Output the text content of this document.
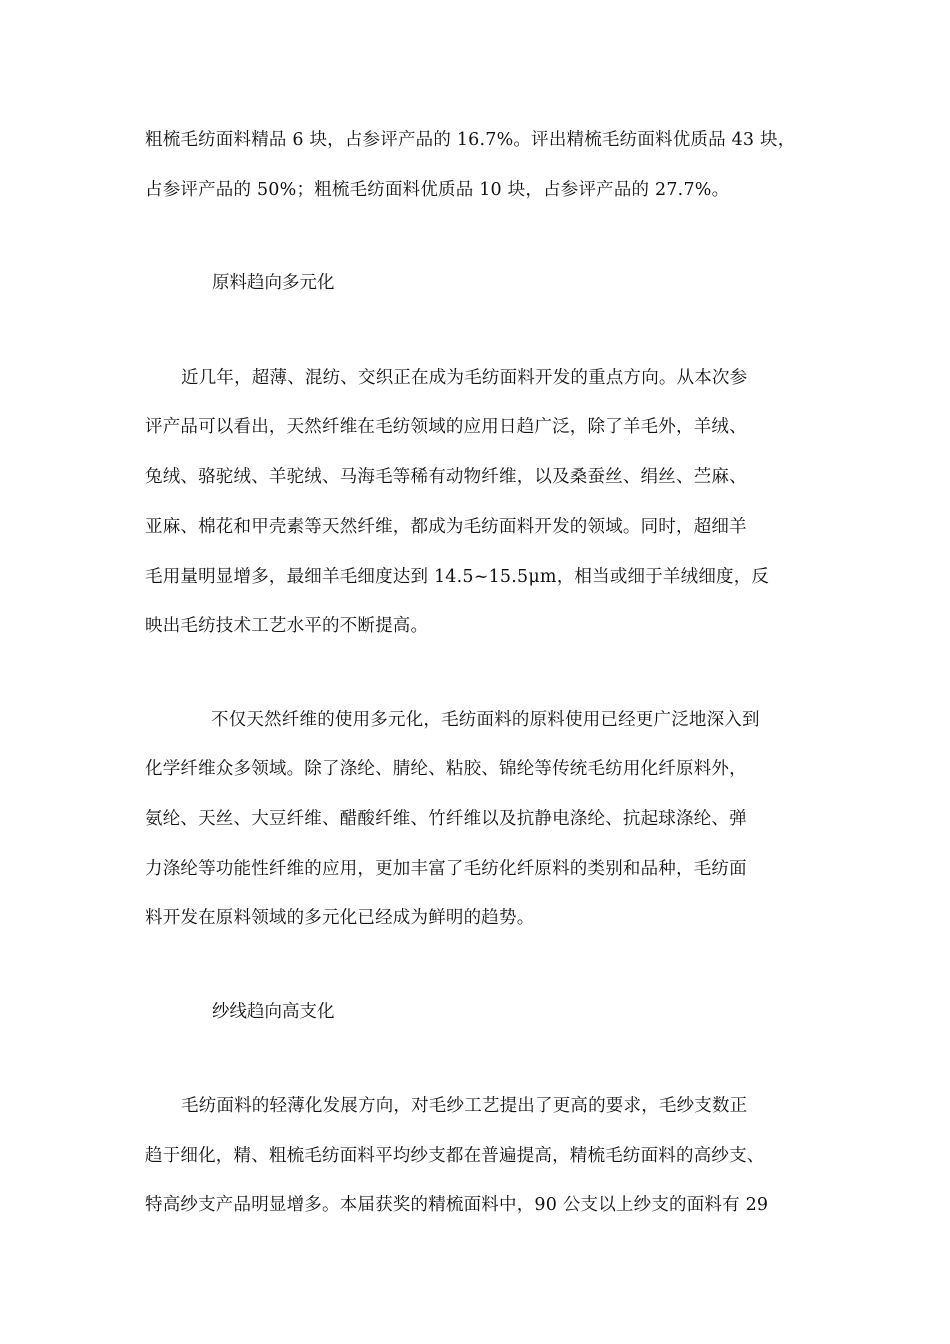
粗梳毛纺面料精品 6 块，占参评产品的 16.7%。评出精梳毛纺面料优质品 43 块，
占参评产品的 50%；粗梳毛纺面料优质品 10 块，占参评产品的 27.7%。
原料趋向多元化
近几年，超薄、混纺、交织正在成为毛纺面料开发的重点方向。从本次参
评产品可以看出，天然纤维在毛纺领域的应用日趋广泛，除了羊毛外，羊绒、
兔绒、骆驼绒、羊驼绒、马海毛等稀有动物纤维，以及桑蚕丝、绢丝、苎麻、
亚麻、棉花和甲壳素等天然纤维，都成为毛纺面料开发的领域。同时，超细羊
毛用量明显增多，最细羊毛细度达到 14.5~15.5μm，相当或细于羊绒细度，反
映出毛纺技术工艺水平的不断提高。
不仅天然纤维的使用多元化，毛纺面料的原料使用已经更广泛地深入到
化学纤维众多领域。除了涤纶、腈纶、粘胶、锦纶等传统毛纺用化纤原料外，
氨纶、天丝、大豆纤维、醋酸纤维、竹纤维以及抗静电涤纶、抗起球涤纶、弹
力涤纶等功能性纤维的应用，更加丰富了毛纺化纤原料的类别和品种，毛纺面
料开发在原料领域的多元化已经成为鲜明的趋势。
纱线趋向高支化
毛纺面料的轻薄化发展方向，对毛纱工艺提出了更高的要求，毛纱支数正
趋于细化，精、粗梳毛纺面料平均纱支都在普遍提高，精梳毛纺面料的高纱支、
特高纱支产品明显增多。本届获奖的精梳面料中，90 公支以上纱支的面料有 29
